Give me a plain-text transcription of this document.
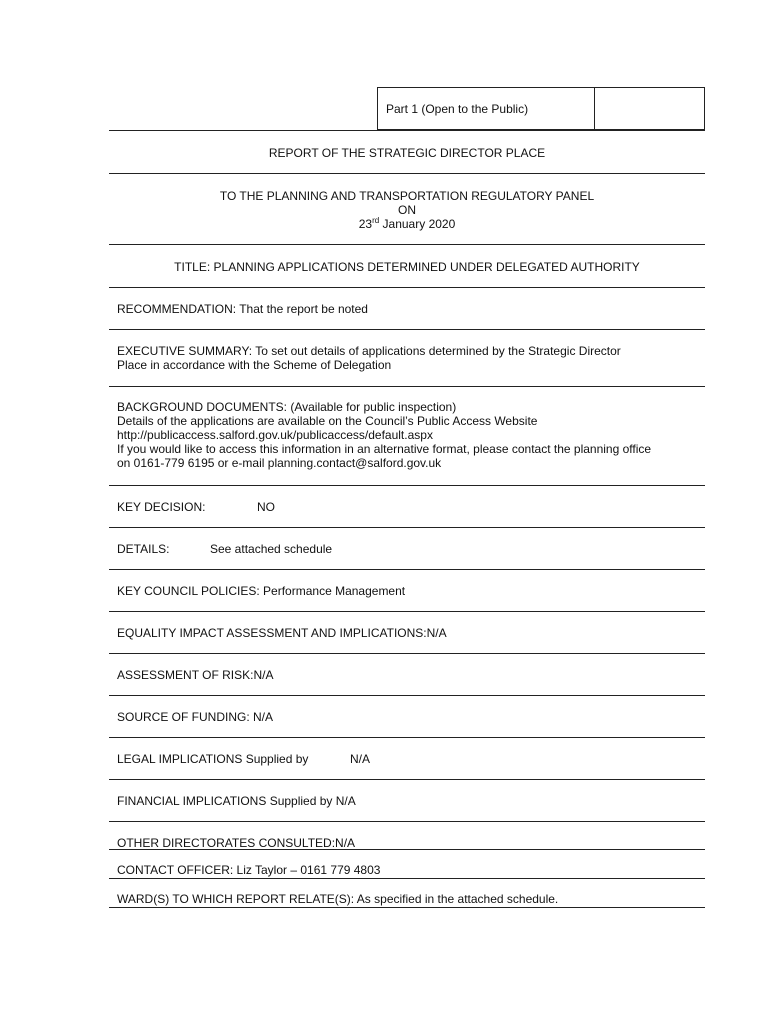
Part 1 (Open to the Public)
REPORT OF THE STRATEGIC DIRECTOR PLACE
TO THE PLANNING AND TRANSPORTATION REGULATORY PANEL
ON
23rd January 2020
TITLE: PLANNING APPLICATIONS DETERMINED UNDER DELEGATED AUTHORITY
RECOMMENDATION: That the report be noted
EXECUTIVE SUMMARY: To set out details of applications determined by the Strategic Director
Place in accordance with the Scheme of Delegation
BACKGROUND DOCUMENTS: (Available for public inspection)
Details of the applications are available on the Council’s Public Access Website
http://publicaccess.salford.gov.uk/publicaccess/default.aspx
If you would like to access this information in an alternative format, please contact the planning office
on 0161-779 6195 or e-mail planning.contact@salford.gov.uk
KEY DECISION:	NO
DETAILS:	See attached schedule
KEY COUNCIL POLICIES: Performance Management
EQUALITY IMPACT ASSESSMENT AND IMPLICATIONS:N/A
ASSESSMENT OF RISK:N/A
SOURCE OF FUNDING: N/A
LEGAL IMPLICATIONS Supplied by	N/A
FINANCIAL IMPLICATIONS Supplied by N/A
OTHER DIRECTORATES CONSULTED:N/A
CONTACT OFFICER: Liz Taylor – 0161 779 4803
WARD(S) TO WHICH REPORT RELATE(S): As specified in the attached schedule.
